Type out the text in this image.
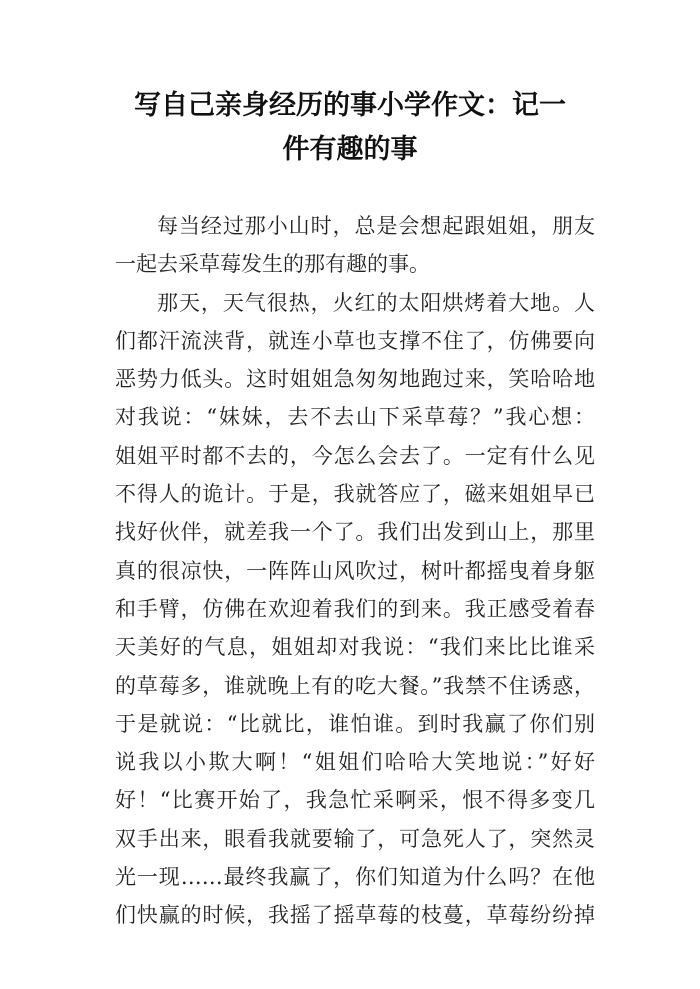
写自己亲身经历的事小学作文：记一
件有趣的事
每当经过那小山时，总是会想起跟姐姐，朋友
一起去采草莓发生的那有趣的事。
那天，天气很热，火红的太阳烘烤着大地。人
们都汗流浃背，就连小草也支撑不住了，仿佛要向
恶势力低头。这时姐姐急匆匆地跑过来，笑哈哈地
对我说：“妹妹，去不去山下采草莓？”我心想：
姐姐平时都不去的，今怎么会去了。一定有什么见
不得人的诡计。于是，我就答应了，磁来姐姐早已
找好伙伴，就差我一个了。我们出发到山上，那里
真的很凉快，一阵阵山风吹过，树叶都摇曳着身躯
和手臂，仿佛在欢迎着我们的到来。我正感受着春
天美好的气息，姐姐却对我说：“我们来比比谁采
的草莓多，谁就晚上有的吃大餐。”我禁不住诱惑，
于是就说：“比就比，谁怕谁。到时我赢了你们别
说我以小欺大啊！“姐姐们哈哈大笑地说：”好好
好！“比赛开始了，我急忙采啊采，恨不得多变几
双手出来，眼看我就要输了，可急死人了，突然灵
光一现……最终我赢了，你们知道为什么吗？在他
们快赢的时候，我摇了摇草莓的枝蔓，草莓纷纷掉
